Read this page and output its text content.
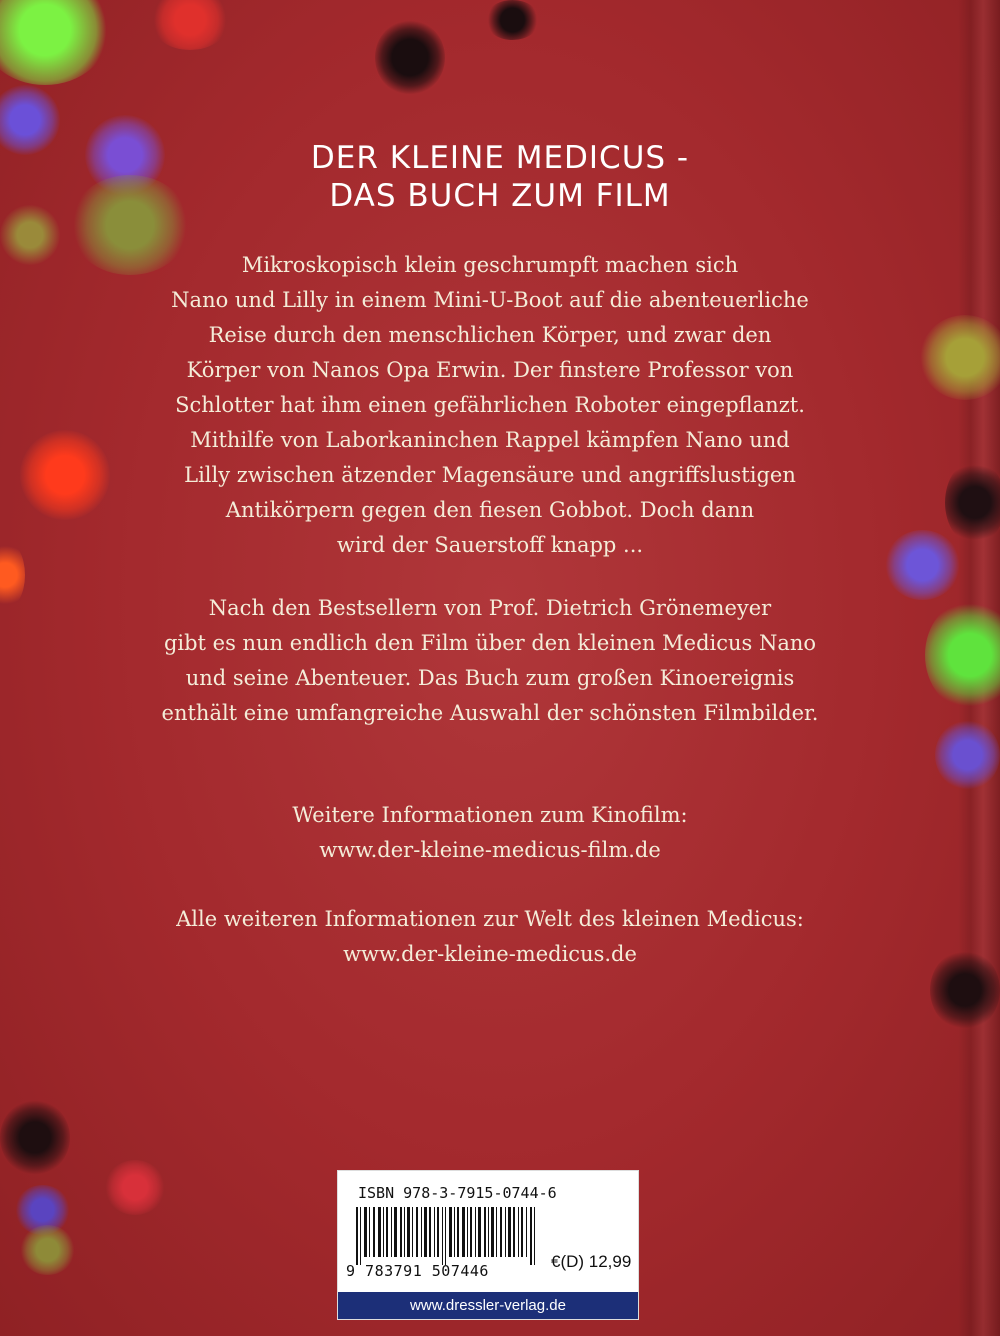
DER KLEINE MEDICUS -
DAS BUCH ZUM FILM
Mikroskopisch klein geschrumpft machen sich
Nano und Lilly in einem Mini-U-Boot auf die abenteuerliche
Reise durch den menschlichen Körper, und zwar den
Körper von Nanos Opa Erwin. Der finstere Professor von
Schlotter hat ihm einen gefährlichen Roboter eingepflanzt.
Mithilfe von Laborkaninchen Rappel kämpfen Nano und
Lilly zwischen ätzender Magensäure und angriffslustigen
Antikörpern gegen den fiesen Gobbot. Doch dann
wird der Sauerstoff knapp ...
Nach den Bestsellern von Prof. Dietrich Grönemeyer
gibt es nun endlich den Film über den kleinen Medicus Nano
und seine Abenteuer. Das Buch zum großen Kinoereignis
enthält eine umfangreiche Auswahl der schönsten Filmbilder.
Weitere Informationen zum Kinofilm:
www.der-kleine-medicus-film.de
Alle weiteren Informationen zur Welt des kleinen Medicus:
www.der-kleine-medicus.de
ISBN 978-3-7915-0744-6
9 783791 507446	€(D) 12,99
www.dressler-verlag.de
